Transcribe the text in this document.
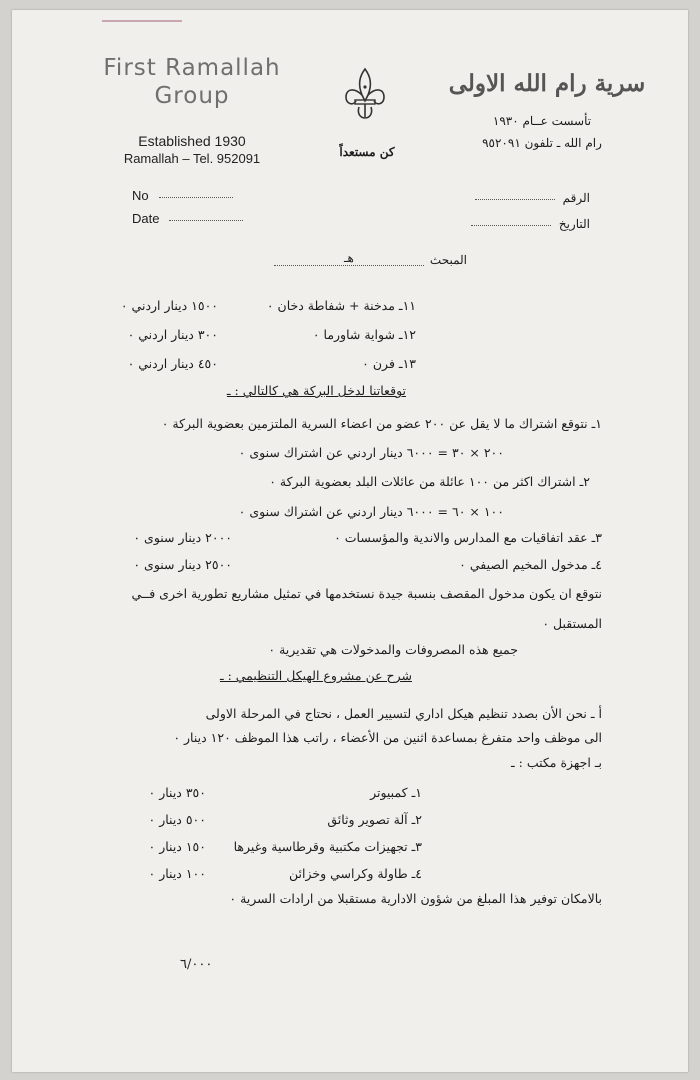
First Ramallah Group
Established 1930
Ramallah – Tel. 952091	كن مستعداً
سرية رام الله الاولى
تأسست عــام ١٩٣٠
رام الله ـ تلفون ٩٥٢٠٩١
No
Date
الرقم
التاريخ
المبحثهـ
١١ـ مدخنة + شفاطة دخان ٠
١٥٠٠ دينار اردني ٠
١٢ـ شواية شاورما ٠
٣٠٠ دينار اردني ٠
١٣ـ فرن ٠
٤٥٠ دينار اردني ٠
توقعاتنا لدخل البركة هي كالتالي : ـ
١ـ نتوقع اشتراك ما لا يقل عن ٢٠٠ عضو من اعضاء السرية الملتزمين بعضوية البركة ٠
٢٠٠ × ٣٠ = ٦٠٠٠ دينار اردني عن اشتراك سنوى ٠
٢ـ اشتراك اكثر من ١٠٠ عائلة من عائلات البلد بعضوية البركة ٠
١٠٠ × ٦٠ = ٦٠٠٠ دينار اردني عن اشتراك سنوى ٠
٣ـ عقد اتفاقيات مع المدارس والاندية والمؤسسات ٠
٢٠٠٠ دينار سنوى ٠
٤ـ مدخول المخيم الصيفي ٠
٢٥٠٠ دينار سنوى ٠
نتوقع ان يكون مدخول المقصف بنسبة جيدة نستخدمها في تمثيل مشاريع تطورية اخرى فــي
المستقبل ٠
جميع هذه المصروفات والمدخولات هي تقديرية ٠
شرح عن مشروع الهيكل التنظيمي : ـ
أ ـ نحن الأن بصدد تنظيم هيكل اداري لتسيير العمل ، نحتاج في المرحلة الاولى
الى موظف واحد متفرغ بمساعدة اثنين من الأعضاء ، راتب هذا الموظف ١٢٠ دينار ٠
بـ اجهزة مكتب : ـ
١ـ كمبيوتر
٣٥٠ دينار ٠
٢ـ آلة تصوير وثائق
٥٠٠ دينار ٠
٣ـ تجهيزات مكتبية وقرطاسية وغيرها
١٥٠ دينار ٠
٤ـ طاولة وكراسي وخزائن
١٠٠ دينار ٠
بالامكان توفير هذا المبلغ من شؤون الادارية مستقبلا من ارادات السرية ٠
٦/٠٠٠
